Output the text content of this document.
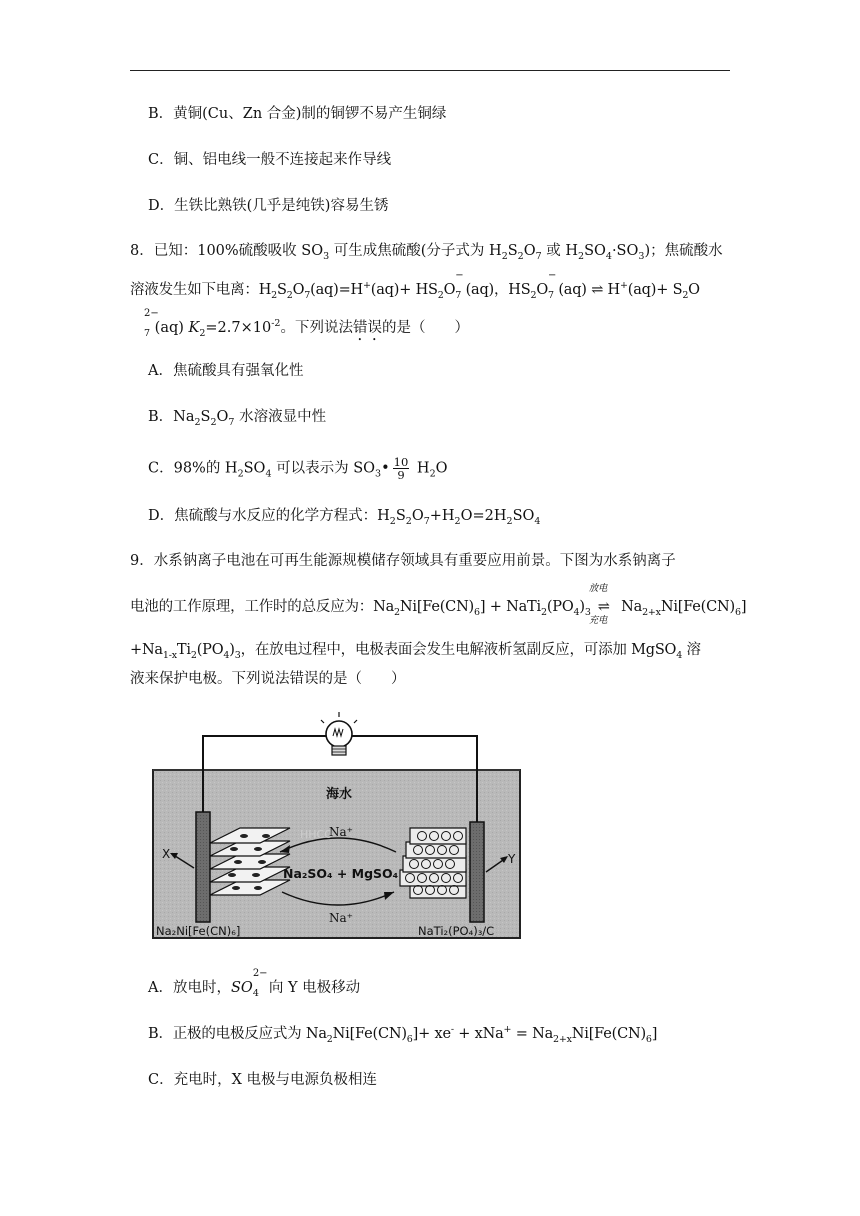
B．黄铜(Cu、Zn 合金)制的铜锣不易产生铜绿
C．铜、铝电线一般不连接起来作导线
D．生铁比熟铁(几乎是纯铁)容易生锈
8．已知：100%硫酸吸收 $SO_3$ 可生成焦硫酸(分子式为 $H_2S_2O_7$ 或 $H_2SO_4\cdot SO_3$)；焦硫酸水
溶液发生如下电离：$H_2S_2O_7(aq)=H^+(aq)+ HS_2O$
−
$_7$ (aq)，$HS_2O$
−
$_7$ (aq) ⇌ $H^+(aq)+ S_2O$
2−
$_7$ (aq) $K_2=2.7\times 10^{-2}$。下列说法错误的是（　　）
A．焦硫酸具有强氧化性
B．$Na_2S_2O_7$ 水溶液显中性
C．98%的 $H_2SO_4$ 可以表示为 $SO_3• \frac{10}{9} H_2O$
D．焦硫酸与水反应的化学方程式：$H_2S_2O_7+H_2O=2H_2SO_4$
9．水系钠离子电池在可再生能源规模储存领域具有重要应用前景。下图为水系钠离子
电池的工作原理，工作时的总反应为：$Na_2Ni[Fe(CN)_6]$ + $NaTi_2(PO_4)_3$
放电
⇌
充电
$Na_{2+x}Ni[Fe(CN)_6]$
$+Na_{1-x}Ti_2(PO_4)_3$，在放电过程中，电极表面会发生电解液析氢副反应，可添加 MgSO$_4$ 溶
液来保护电极。下列说法错误的是（　　）
海水
HHCO
Na⁺
Na₂SO₄ + MgSO₄
Na⁺
X	Y
Na₂Ni[Fe(CN)₆]	NaTi₂(PO₄)₃/C
A．放电时，SO
2−
$_4$ 向 Y 电极移动
B．正极的电极反应式为 $Na_2Ni[Fe(CN)_6]+ xe^- + xNa^+ = Na_{2+x}Ni[Fe(CN)_6]$
C．充电时，X 电极与电源负极相连
